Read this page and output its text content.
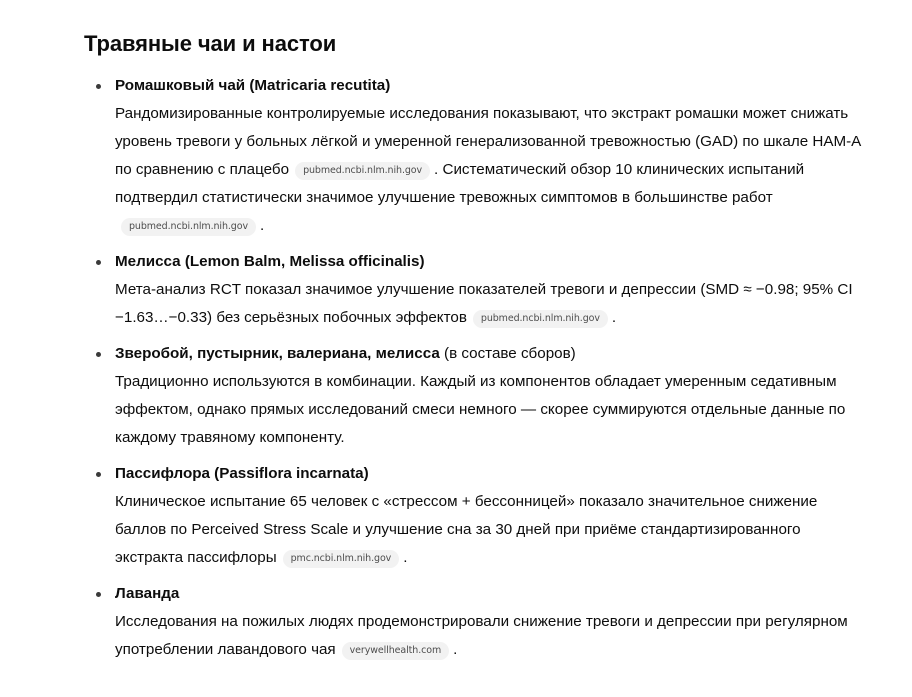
Травяные чаи и настои
Ромашковый чай (Matricaria recutita)
Рандомизированные контролируемые исследования показывают, что экстракт ромашки может снижать уровень тревоги у больных лёгкой и умеренной генерализованной тревожностью (GAD) по шкале HAM-A по сравнению с плацебо pubmed.ncbi.nlm.nih.gov . Систематический обзор 10 клинических испытаний подтвердил статистически значимое улучшение тревожных симптомов в большинстве работpubmed.ncbi.nlm.nih.gov .
Мелисса (Lemon Balm, Melissa officinalis)
Мета-анализ RCT показал значимое улучшение показателей тревоги и депрессии (SMD ≈ −0.98; 95% CI −1.63…−0.33) без серьёзных побочных эффектов pubmed.ncbi.nlm.nih.gov .
Зверобой, пустырник, валериана, мелисса (в составе сборов)
Традиционно используются в комбинации. Каждый из компонентов обладает умеренным седативным эффектом, однако прямых исследований смеси немного — скорее суммируются отдельные данные по каждому травяному компоненту.
Пассифлора (Passiflora incarnata)
Клиническое испытание 65 человек с «стрессом + бессонницей» показало значительное снижение баллов по Perceived Stress Scale и улучшение сна за 30 дней при приёме стандартизированного экстракта пассифлоры pmc.ncbi.nlm.nih.gov .
Лаванда
Исследования на пожилых людях продемонстрировали снижение тревоги и депрессии при регулярном употреблении лавандового чая verywellhealth.com .
